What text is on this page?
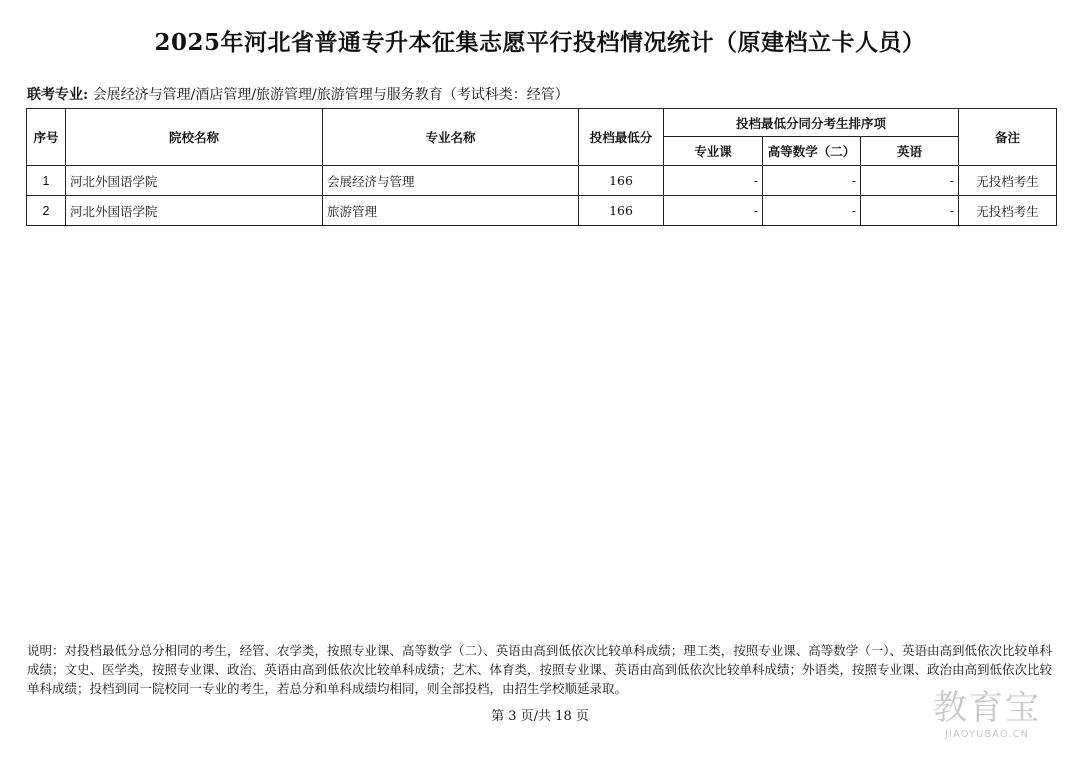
2025年河北省普通专升本征集志愿平行投档情况统计（原建档立卡人员）
联考专业: 会展经济与管理/酒店管理/旅游管理/旅游管理与服务教育（考试科类：经管）
序号	院校名称	专业名称	投档最低分	投档最低分同分考生排序项			备注
				专业课	高等数学（二）	英语	
1	河北外国语学院	会展经济与管理	166	-	-	-	无投档考生
2	河北外国语学院	旅游管理	166	-	-	-	无投档考生
说明：对投档最低分总分相同的考生，经管、农学类，按照专业课、高等数学（二）、英语由高到低依次比较单科成绩；理工类，按照专业课、高等数学（一）、英语由高到低依次比较单科成绩；文史、医学类，按照专业课、政治、英语由高到低依次比较单科成绩；艺术、体育类，按照专业课、英语由高到低依次比较单科成绩；外语类，按照专业课、政治由高到低依次比较单科成绩；投档到同一院校同一专业的考生，若总分和单科成绩均相同，则全部投档，由招生学校顺延录取。
第 3 页/共 18 页	教育宝
JIAOYUBAO.CN
